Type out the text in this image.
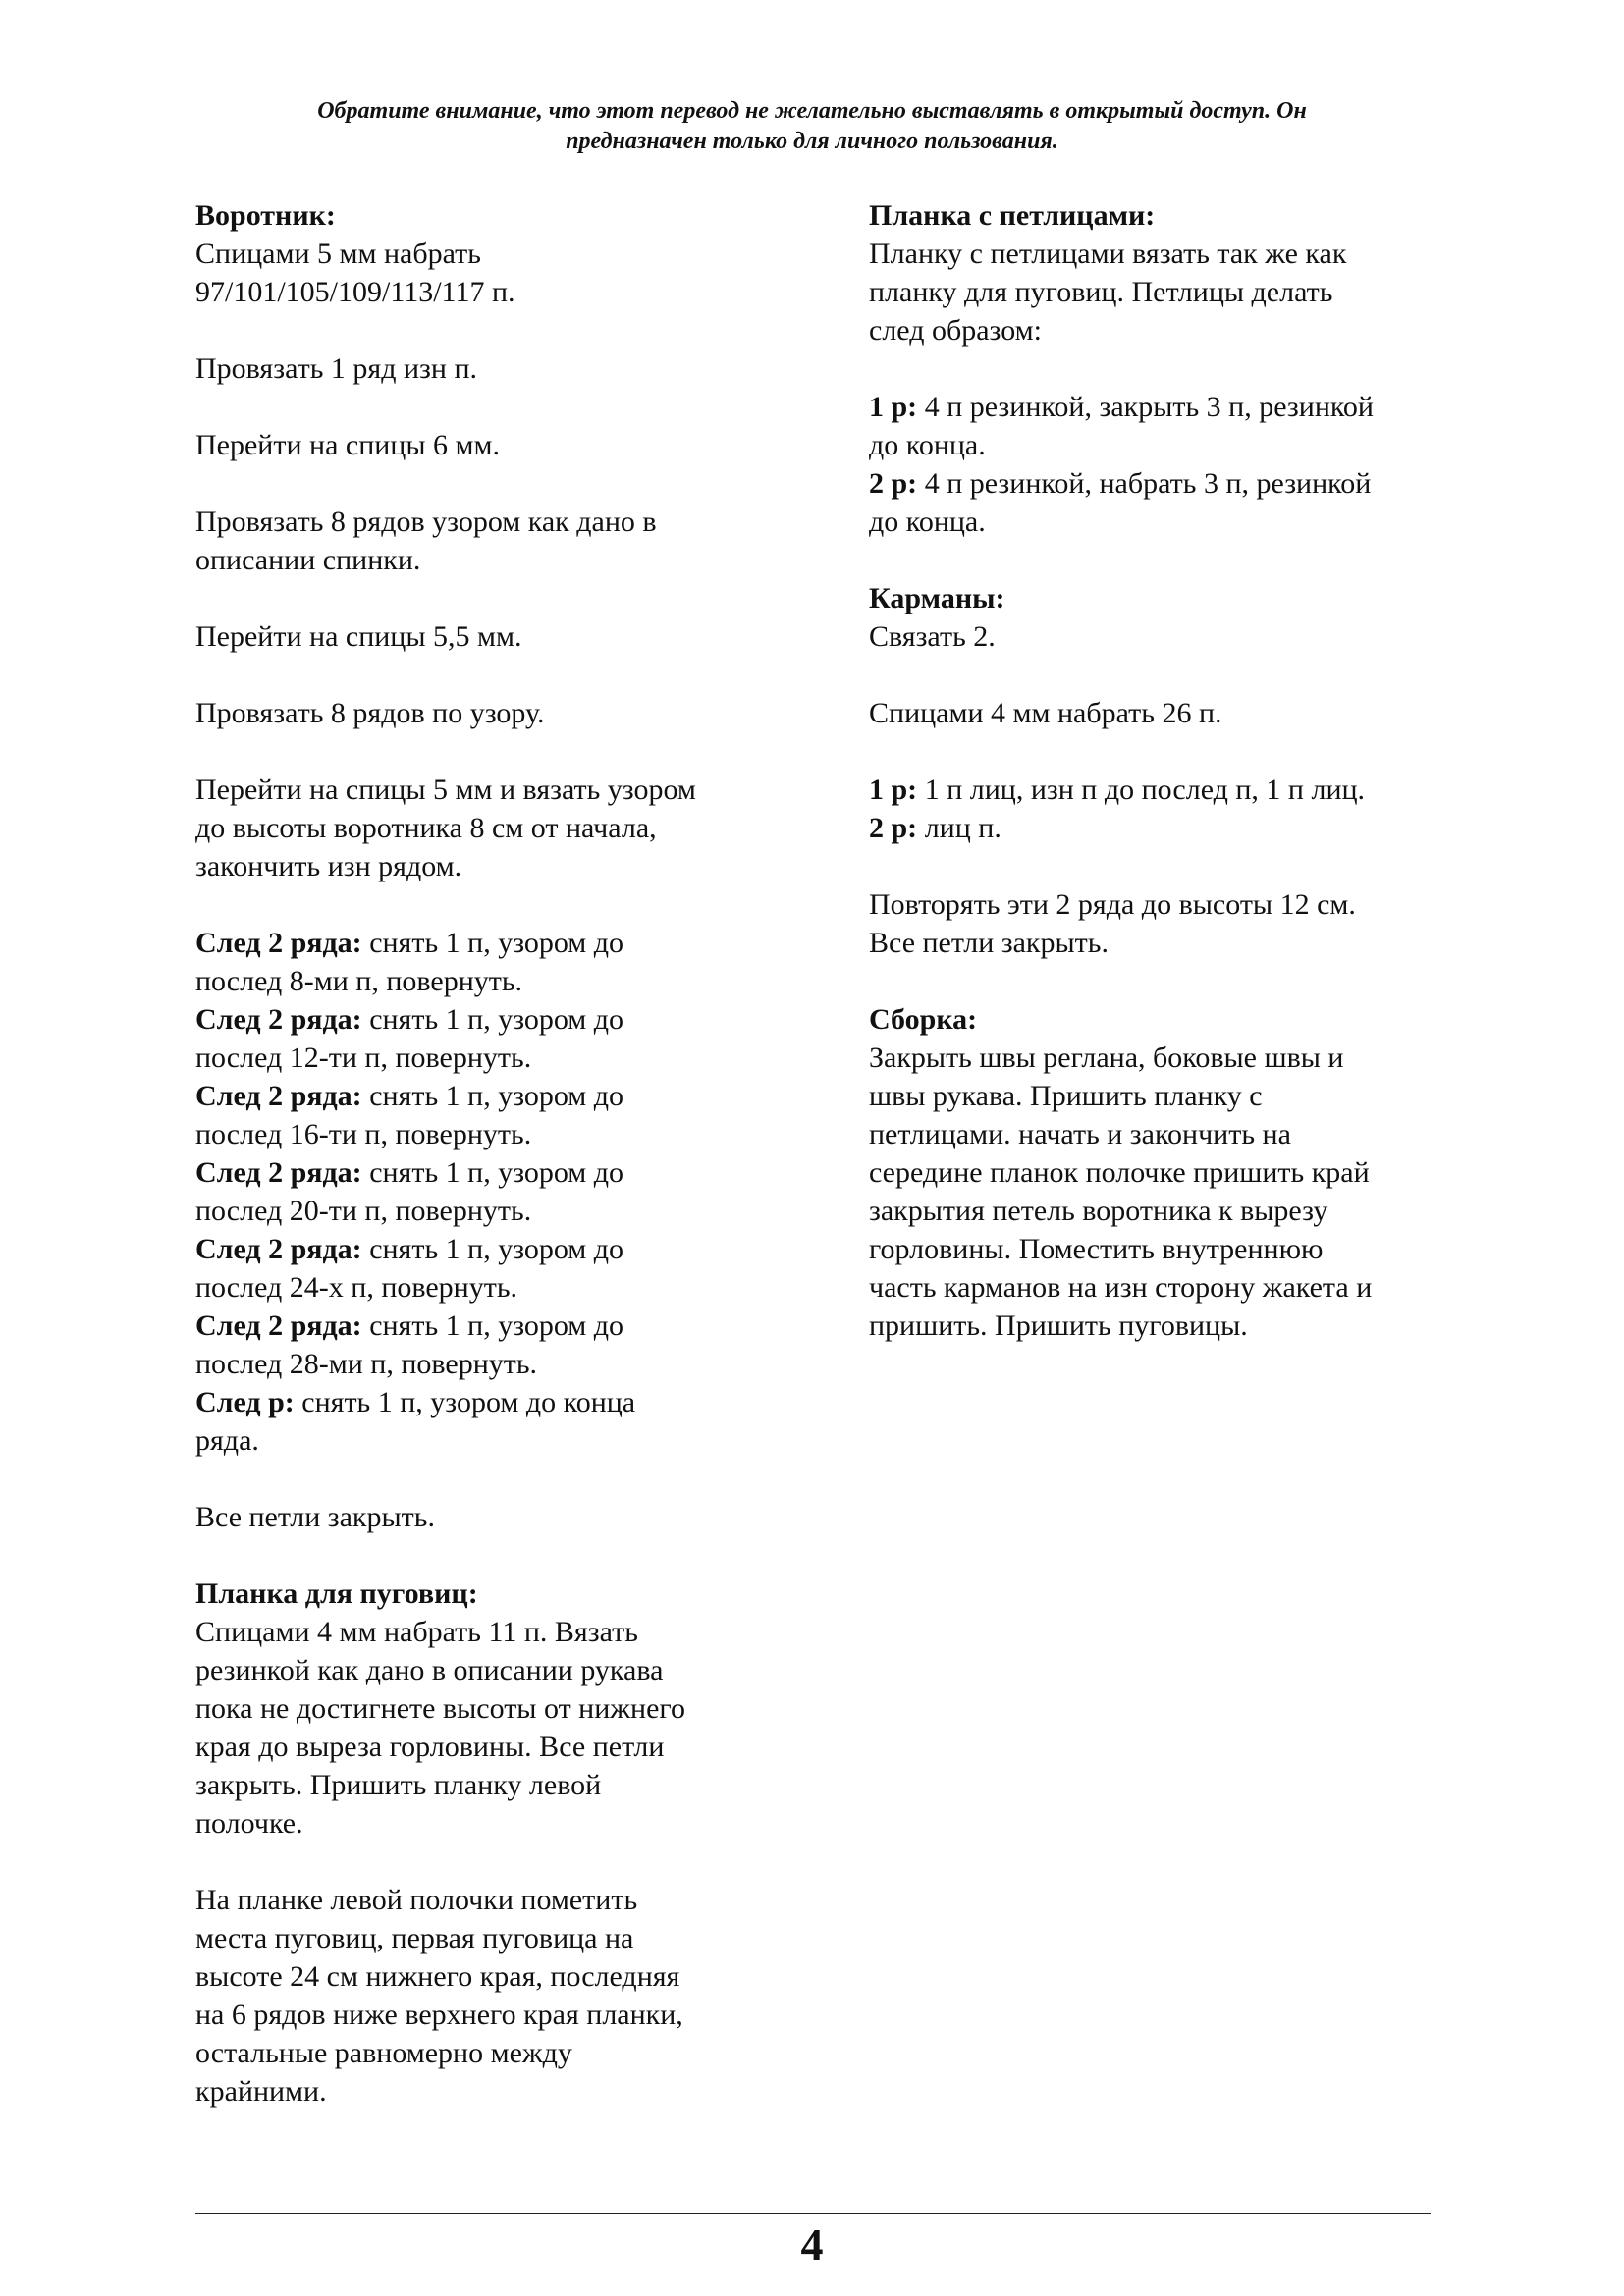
Обратите внимание, что этот перевод не желательно выставлять в открытый доступ. Он
предназначен только для личного пользования.

Воротник:

Спицами 5 мм набрать

97/101/105/109/113/117 п.

Провязать 1 ряд изн п.

Перейти на спицы 6 мм.

Провязать 8 рядов узором как дано в

описании спинки.

Перейти на спицы 5,5 мм.

Провязать 8 рядов по узору.

Перейти на спицы 5 мм и вязать узором

до высоты воротника 8 см от начала,

закончить изн рядом.

След 2 ряда: снять 1 п, узором до

послед 8-ми п, повернуть.

След 2 ряда: снять 1 п, узором до

послед 12-ти п, повернуть.

След 2 ряда: снять 1 п, узором до

послед 16-ти п, повернуть.

След 2 ряда: снять 1 п, узором до

послед 20-ти п, повернуть.

След 2 ряда: снять 1 п, узором до

послед 24-х п, повернуть.

След 2 ряда: снять 1 п, узором до

послед 28-ми п, повернуть.

След р: снять 1 п, узором до конца

ряда.

Все петли закрыть.

Планка для пуговиц:

Спицами 4 мм набрать 11 п. Вязать

резинкой как дано в описании рукава

пока не достигнете высоты от нижнего

края до выреза горловины. Все петли

закрыть. Пришить планку левой

полочке.

На планке левой полочки пометить

места пуговиц, первая пуговица на

высоте 24 см нижнего края, последняя

на 6 рядов ниже верхнего края планки,

остальные равномерно между

крайними.

Планка с петлицами:

Планку с петлицами вязать так же как

планку для пуговиц. Петлицы делать

след образом:

1 р: 4 п резинкой, закрыть 3 п, резинкой

до конца.

2 р: 4 п резинкой, набрать 3 п, резинкой

до конца.

Карманы:

Связать 2.

Спицами 4 мм набрать 26 п.

1 р: 1 п лиц, изн п до послед п, 1 п лиц.

2 р: лиц п.

Повторять эти 2 ряда до высоты 12 см.

Все петли закрыть.

Сборка:

Закрыть швы реглана, боковые швы и

швы рукава. Пришить планку с

петлицами. начать и закончить на

середине планок полочке пришить край

закрытия петель воротника к вырезу

горловины. Поместить внутреннюю

часть карманов на изн сторону жакета и

пришить. Пришить пуговицы.

4
